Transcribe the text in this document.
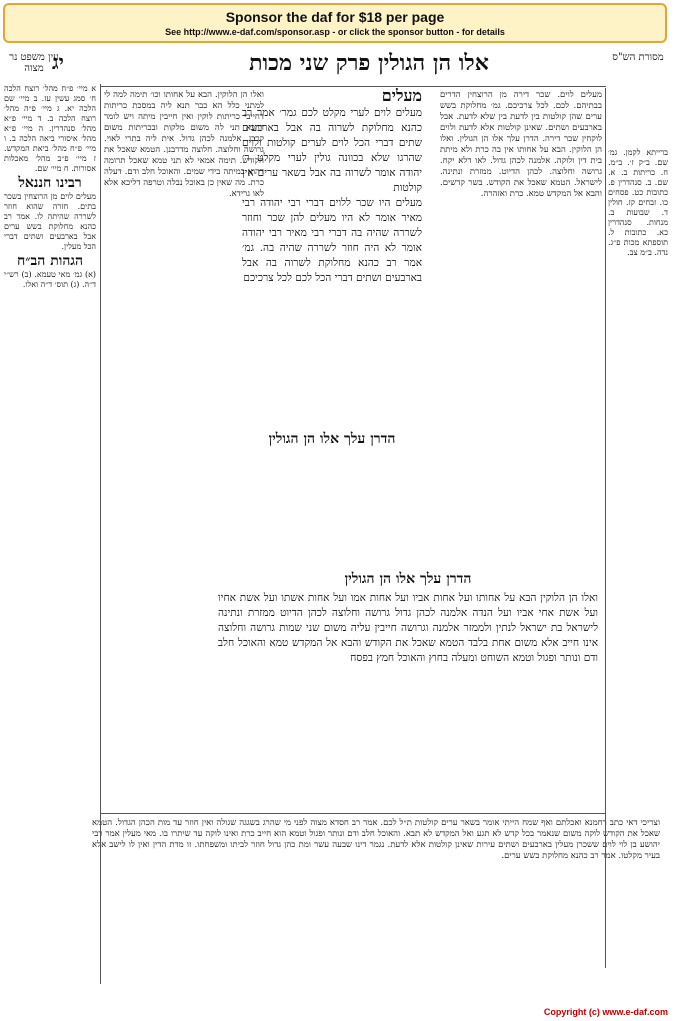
Sponsor the daf for $18 per page
See http://www.e-daf.com/sponsor.asp - or click the sponsor button - for details
מסורת הש"ס
אלו הן הגולין פרק שני מכות
יג
עין משפט נר מצוה

ברייתא לקמן. גמ׳ שם. ב״ק ז׳. ב״מ. ח. כריתות ב. א. שם. ב. סנהדרין פ. כתובות כט. פסחים כו. זבחים קז. חולין ד. שבועות ב. מנחות. סנהדרין כא. כתובות ל. תוספתא מכות פ״ג. נדה. ב״מ צב.

מעלים לוים. שכר דירה מן הרוצחין הדרים בבתיהם. לכם. לכל צרכיכם. גמ׳ מחלוקת בשש ערים שהן קולטות בין לדעת בין שלא לדעת. אבל בארבעים ושתים. שאינן קולטות אלא לדעת ולוים לוקחין שכר דירה. הדרן עלך אלו הן הגולין. ואלו הן הלוקין. הבא על אחותו אין בה כרת ולא מיתת בית דין ולוקה. אלמנה לכהן גדול. לאו דלא יקח. גרושה וחלוצה. לכהן הדיוט. ממזרת ונתינה. לישראל. הטמא שאכל את הקודש. בשר קדשים. והבא אל המקדש טמא. כרת ואזהרה.

מעלים

מעלים לוים לערי מקלט לכם גמר׳ אמר רב כהנא מחלוקת לשרוה בה אבל בארבעים שתים דברי הכל לוים לערים קולטות ולוים שהרגו שלא בכוונה גולין לערי מקלט ר׳ יהודה אומר לשרוה בה אבל בשאר ערים אין קולטות

מעלים היו שכר ללוים דברי רבי יהודה רבי מאיר אומר לא היו מעלים להן שכר וחוזר לשררה שהיה בה דברי רבי מאיר רבי יהודה אומר לא היה חוזר לשררה שהיה בה. גמ׳ אמר רב כהנא מחלוקת לשרוה בה אבל בארבעים ושתים דברי הכל לכם לכל צרכיכם

הדרן עלך אלו הן הגולין
הדרן עלך אלו הן הגולין

ואלו הן הלוקין הבא על אחותו ועל אחות אביו ועל אחות אמו ועל אחות אשתו ועל אשת אחיו ועל אשת אחי אביו ועל הנדה אלמנה לכהן גדול גרושה וחלוצה לכהן הדיוט ממזרת ונתינה לישראל בת ישראל לנתין ולממזר אלמנה וגרושה חייבין עליה משום שני שמות גרושה וחלוצה אינו חייב אלא משום אחת בלבד הטמא שאכל את הקודש והבא אל המקדש טמא והאוכל חלב ודם ונותר ופגול וטמא השוחט ומעלה בחוץ והאוכל חמץ בפסח

ואלו הן הלוקין. הבא על אחותו וכו׳ תימה למה לי למתני כלל הא כבר תנא ליה במסכת כריתות דחייבי כריתות לוקין ואין חייבין מיתה ויש לומר דהכא תני לה משום מלקות ובכריתות משום קרבן. אלמנה לכהן גדול. אית ליה בתרי לאוי. גרושה וחלוצה. חלוצה מדרבנן. הטמא שאכל את הקודש. תימה אמאי לא תני טמא שאכל תרומה דהוא במיתה בידי שמים. והאוכל חלב ודם. דעלה כרת. מה שאין כן באוכל נבלה וטרפה דליכא אלא לאו גרידא.

א מיי׳ פ״ח מהל׳ רוצח הלכה ח׳ סמג עשין עז. ב מיי׳ שם הלכה יא. ג מיי׳ פ״ה מהל׳ רוצח הלכה ב. ד מיי׳ פ״א מהל׳ סנהדרין. ה מיי׳ פ״א מהל׳ איסורי ביאה הלכה ב. ו מיי׳ פ״ח מהל׳ ביאת המקדש. ז מיי׳ פ״ב מהל׳ מאכלות אסורות. ח מיי׳ שם.

רבינו חננאל

מעלים לוים מן הרוצחין בשכר בתים. חזרה שהוא חוזר לשררה שהיתה לו. אמר רב כהנא מחלוקת בשש ערים אבל בארבעים ושתים דברי הכל מעלין.

הגהות הב״ח

(א) גמ׳ מאי טעמא. (ב) רש״י ד״ה. (ג) תוס׳ ד״ה ואלו.

וצריכי דאי כתב רחמנא ואכלתם ואף שמח הייתי אומר בשאר ערים קולטות ת״ל לכם. אמר רב חסדא מצוה לפני מי שהרג בשגגה שגולה ואין חוזר עד מות הכהן הגדול. הטמא שאכל את הקודש לוקה משום שנאמר בכל קדש לא תגע ואל המקדש לא תבא. והאוכל חלב ודם ונותר ופגול וטמא הוא חייב כרת ואינו לוקה עד שיתרו בו. מאי מעלין אמר רבי יהושע בן לוי לוים ששכרן מעלין בארבעים ושתים עירות שאינן קולטות אלא לדעת. נגמר דינו שבעה עשר ומת כהן גדול חוזר לביתו ומשפחתו. זו מדת הדין ואין לו לישב אלא בעיר מקלטו. אמר רב כהנא מחלוקת בשש ערים.

Copyright (c) www.e-daf.com
